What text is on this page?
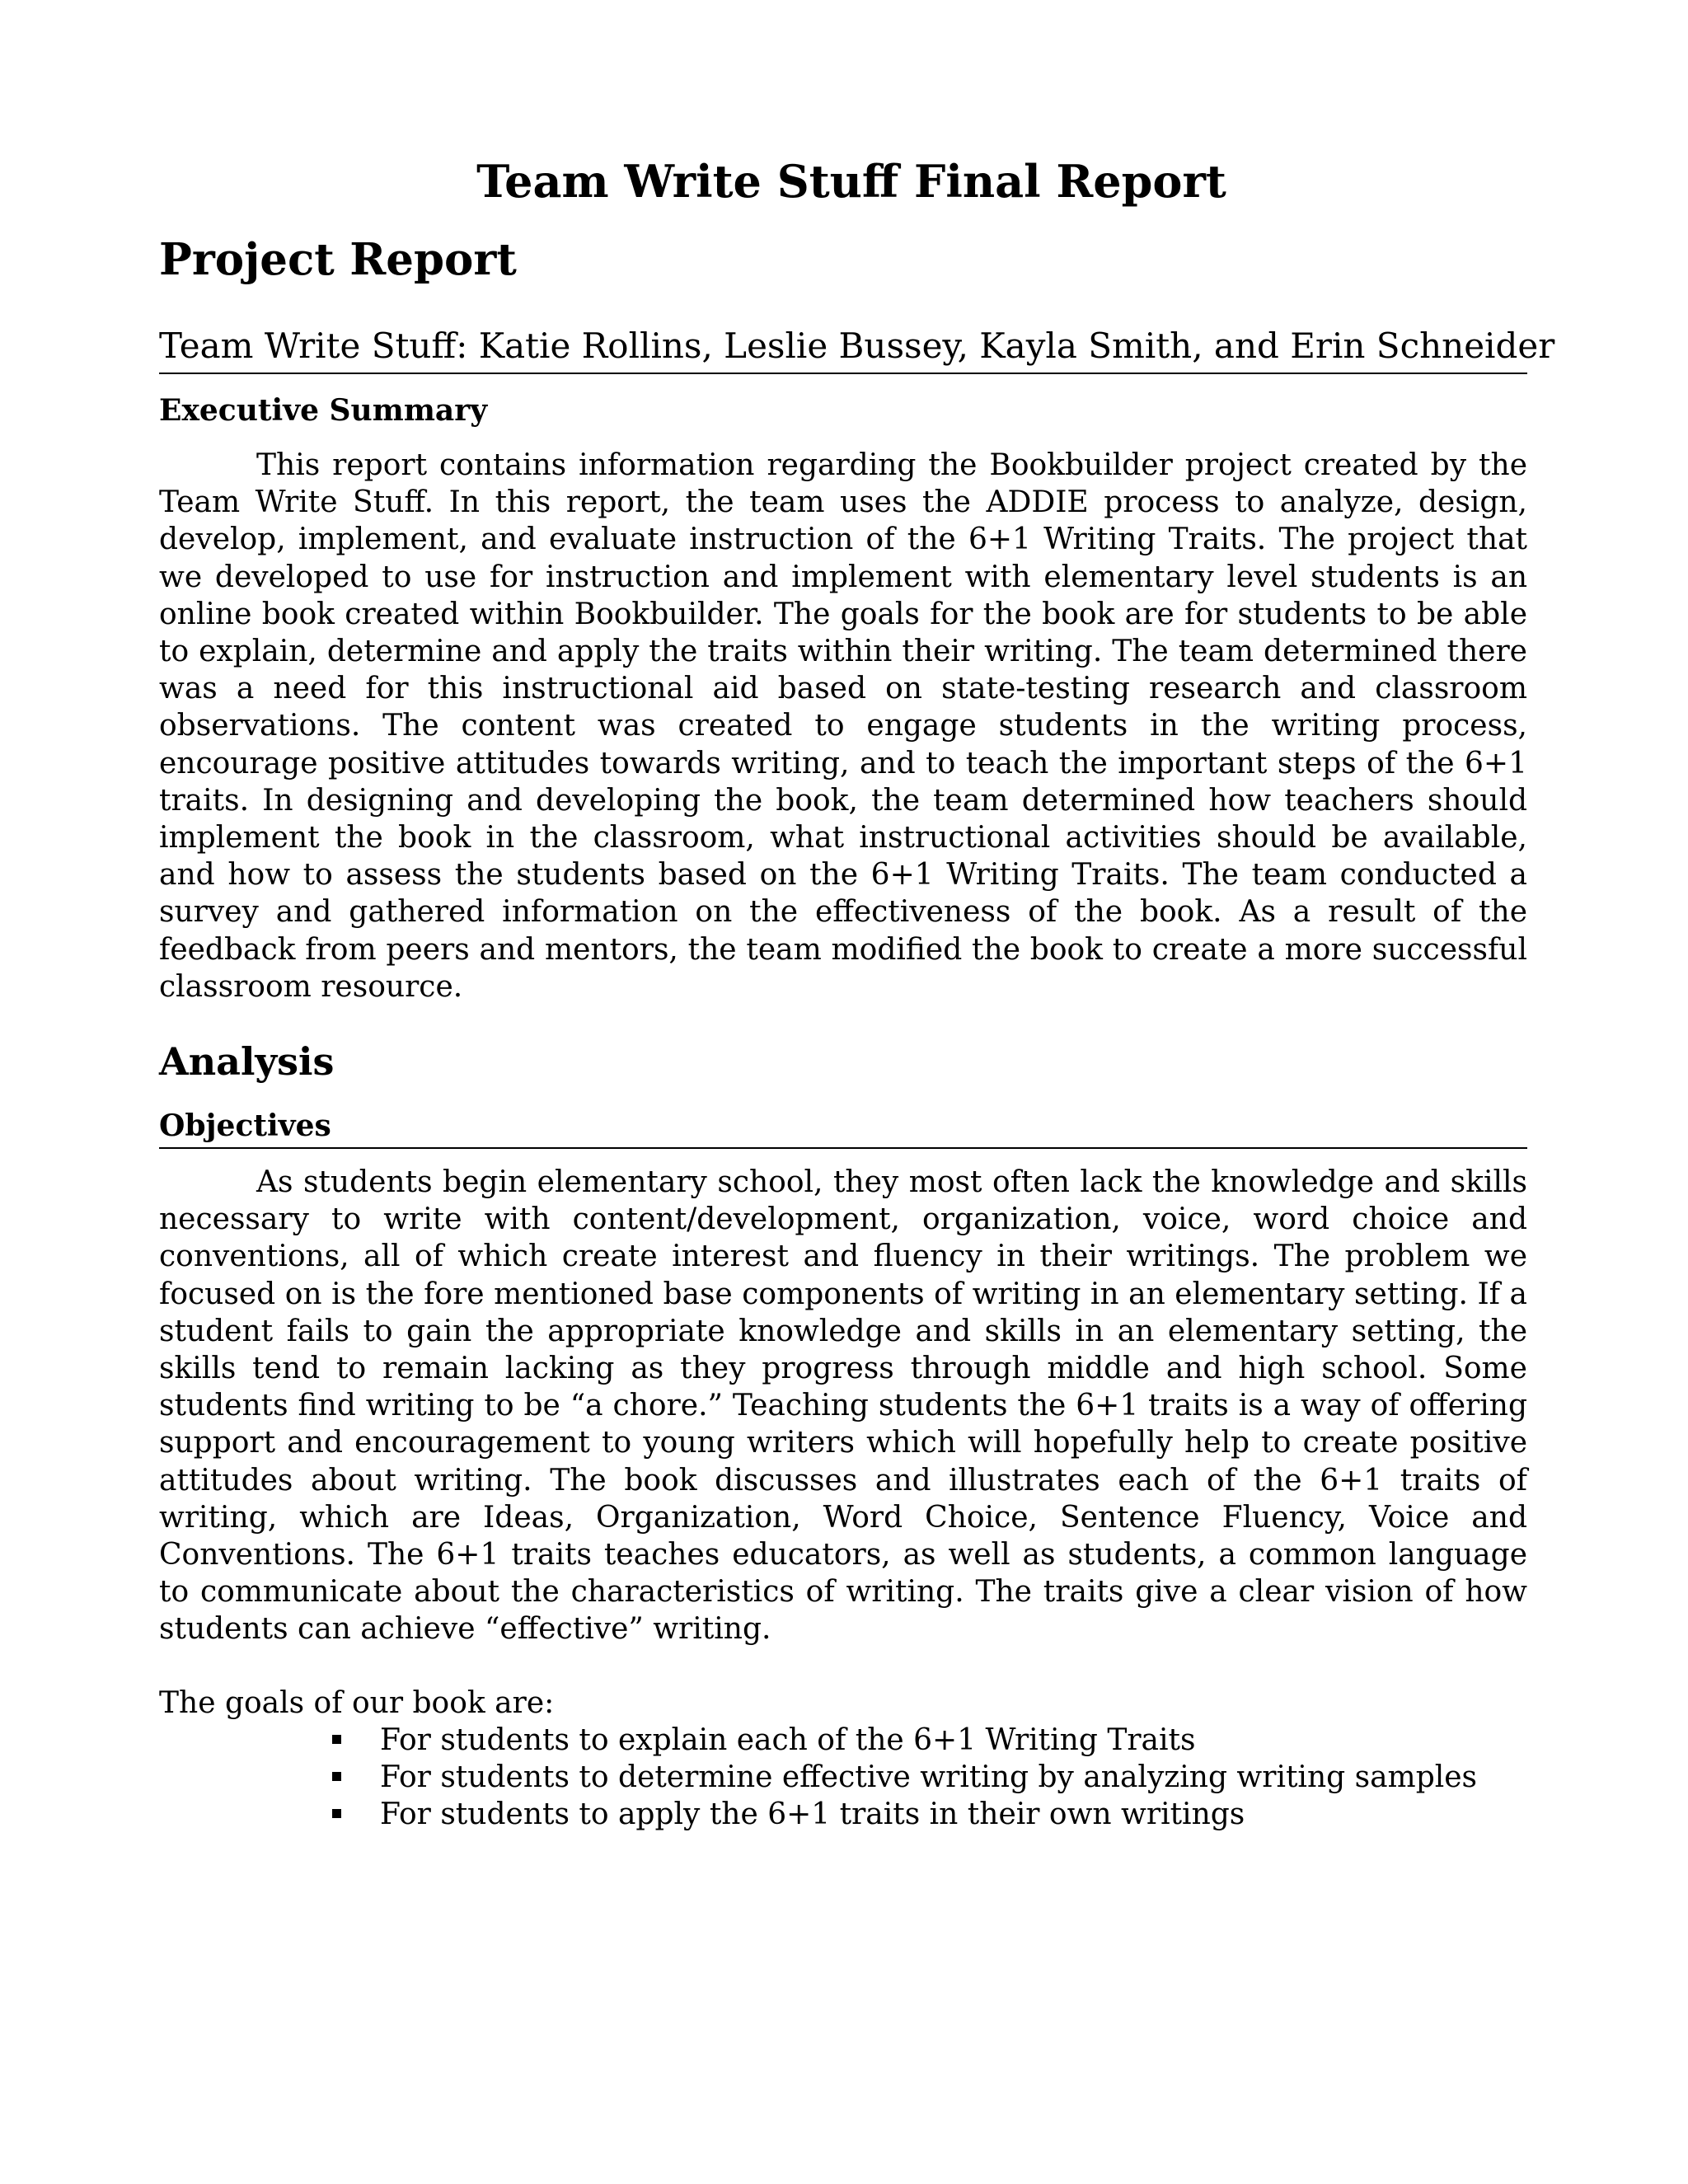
Team Write Stuff Final Report
Project Report
Team Write Stuff: Katie Rollins, Leslie Bussey, Kayla Smith, and Erin Schneider
Executive Summary

This report contains information regarding the Bookbuilder project created by the Team Write Stuff. In this report, the team uses the ADDIE process to analyze, design, develop, implement, and evaluate instruction of the 6+1 Writing Traits. The project that we developed to use for instruction and implement with elementary level students is an online book created within Bookbuilder. The goals for the book are for students to be able to explain, determine and apply the traits within their writing. The team determined there was a need for this instructional aid based on state-testing research and classroom observations. The content was created to engage students in the writing process, encourage positive attitudes towards writing, and to teach the important steps of the 6+1 traits. In designing and developing the book, the team determined how teachers should implement the book in the classroom, what instructional activities should be available, and how to assess the students based on the 6+1 Writing Traits. The team conducted a survey and gathered information on the effectiveness of the book. As a result of the feedback from peers and mentors, the team modified the book to create a more successful classroom resource.

Analysis
Objectives

As students begin elementary school, they most often lack the knowledge and skills necessary to write with content/development, organization, voice, word choice and conventions, all of which create interest and fluency in their writings. The problem we focused on is the fore mentioned base components of writing in an elementary setting. If a student fails to gain the appropriate knowledge and skills in an elementary setting, the skills tend to remain lacking as they progress through middle and high school. Some students find writing to be “a chore.” Teaching students the 6+1 traits is a way of offering support and encouragement to young writers which will hopefully help to create positive attitudes about writing. The book discusses and illustrates each of the 6+1 traits of writing, which are Ideas, Organization, Word Choice, Sentence Fluency, Voice and Conventions. The 6+1 traits teaches educators, as well as students, a common language to communicate about the characteristics of writing. The traits give a clear vision of how students can achieve “effective” writing.

The goals of our book are:

For students to explain each of the 6+1 Writing Traits
For students to determine effective writing by analyzing writing samples
For students to apply the 6+1 traits in their own writings
